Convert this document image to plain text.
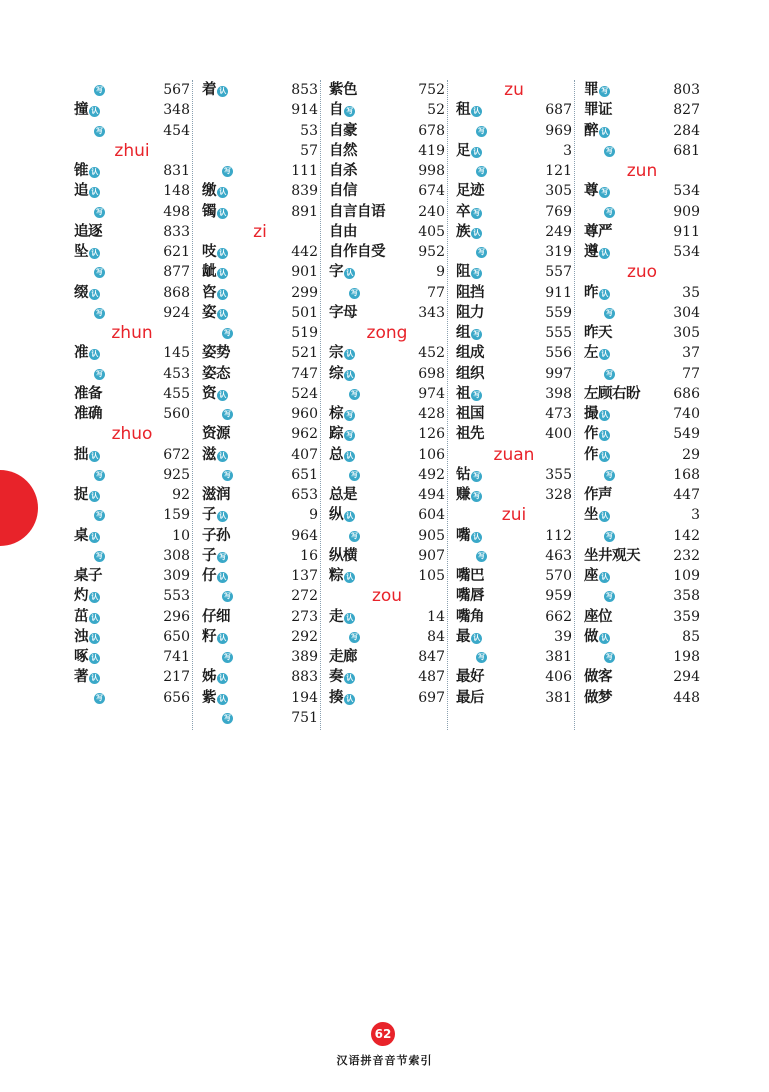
写	567
撞 认	348
写	454
zhui
锥 认	831
追 认	148
写	498
追逐	833
坠 认	621
写	877
缀 认	868
写	924
zhun
准 认	145
写	453
准备	455
准确	560
zhuo
拙 认	672
写	925
捉 认	92
写	159
桌 认	10
写	308
桌子	309
灼 认	553
茁 认	296
浊 认	650
啄 认	741
著 认	217
写	656
着 认	853
914
53
57
写	111
缴 认	839
镯 认	891
zi
吱 认	442
龇 认	901
咨 认	299
姿 认	501
写	519
姿势	521
姿态	747
资 认	524
写	960
资源	962
滋 认	407
写	651
滋润	653
子 认	9
子孙	964
子 写	16
仔 认	137
写	272
仔细	273
籽 认	292
写	389
姊 认	883
紫 认	194
写	751
紫色	752
自 写	52
自豪	678
自然	419
自杀	998
自信	674
自言自语 240
自由	405
自作自受 952
字 认	9
写	77
字母	343
zong
宗 认	452
综 认	698
写	974
棕 写	428
踪 写	126
总 认	106
写	492
总是	494
纵 认	604
写	905
纵横	907
粽 认	105
zou
走 认	14
写	84
走廊	847
奏 认	487
揍 认	697
zu
租 认	687
写	969
足 认	3
写	121
足迹	305
卒 写	769
族 认	249
写	319
阻 写	557
阻挡	911
阻力	559
组 写	555
组成	556
组织	997
祖 写	398
祖国	473
祖先	400
zuan
钻 写	355
赚 写	328
zui
嘴 认	112
写	463
嘴巴	570
嘴唇	959
嘴角	662
最 认	39
写	381
最好	406
最后	381
罪 写	803
罪证	827
醉 认	284
写	681
zun
尊 写	534
写	909
尊严	911
遵 认	534
zuo
昨 认	35
写	304
昨天	305
左 认	37
写	77
左顾右盼 686
撮 认	740
作 认	549
作 认	29
写	168
作声	447
坐 认	3
写	142
坐井观天 232
座 认	109
写	358
座位	359
做 认	85
写	198
做客	294
做梦	448
62
汉语拼音音节索引
